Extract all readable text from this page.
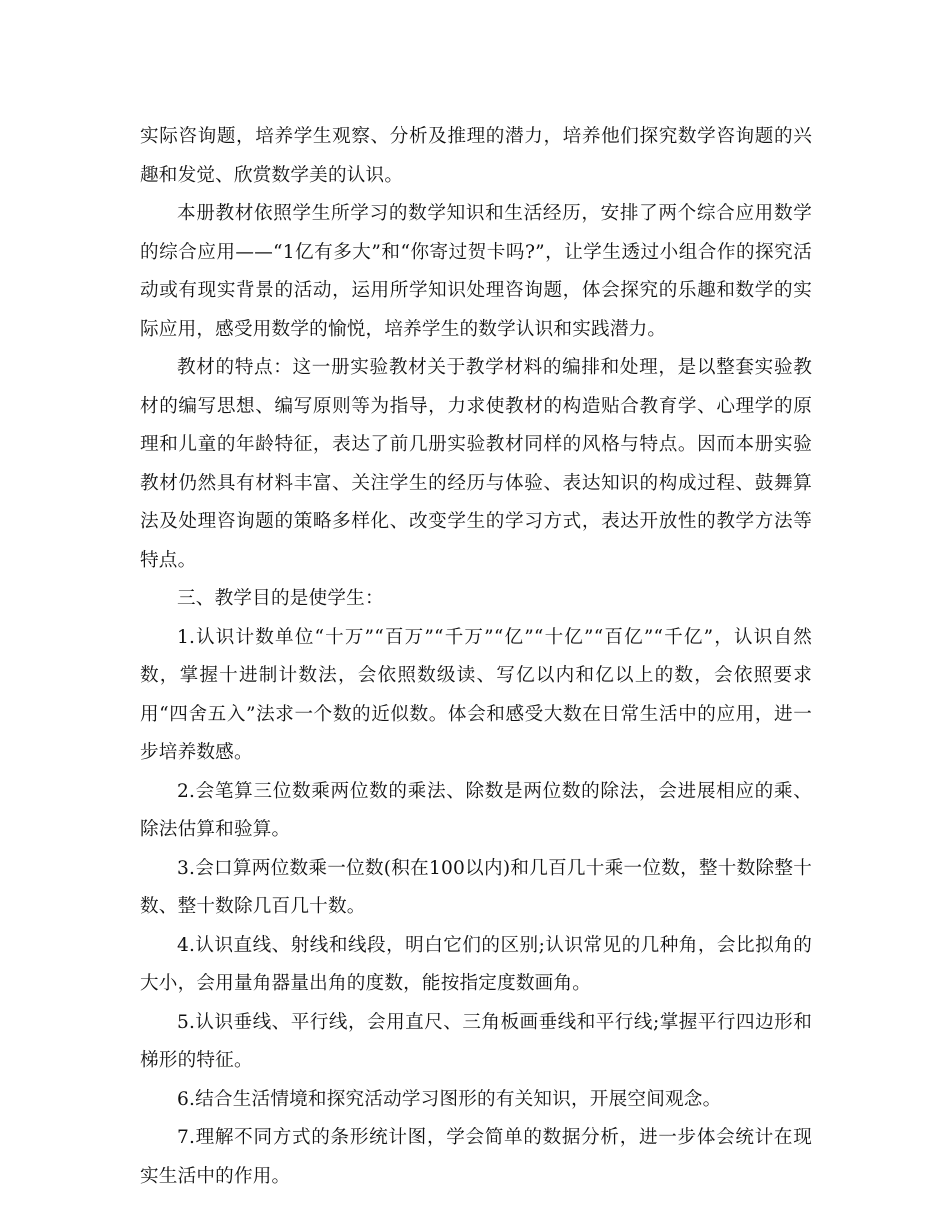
实际咨询题，培养学生观察、分析及推理的潜力，培养他们探究数学咨询题的兴趣和发觉、欣赏数学美的认识。

本册教材依照学生所学习的数学知识和生活经历，安排了两个综合应用数学的综合应用——“1亿有多大”和“你寄过贺卡吗?”，让学生透过小组合作的探究活动或有现实背景的活动，运用所学知识处理咨询题，体会探究的乐趣和数学的实际应用，感受用数学的愉悦，培养学生的数学认识和实践潜力。

教材的特点：这一册实验教材关于教学材料的编排和处理，是以整套实验教材的编写思想、编写原则等为指导，力求使教材的构造贴合教育学、心理学的原理和儿童的年龄特征，表达了前几册实验教材同样的风格与特点。因而本册实验教材仍然具有材料丰富、关注学生的经历与体验、表达知识的构成过程、鼓舞算法及处理咨询题的策略多样化、改变学生的学习方式，表达开放性的教学方法等特点。

三、教学目的是使学生：

1.认识计数单位“十万”“百万”“千万”“亿”“十亿”“百亿”“千亿”，认识自然数，掌握十进制计数法，会依照数级读、写亿以内和亿以上的数，会依照要求用“四舍五入”法求一个数的近似数。体会和感受大数在日常生活中的应用，进一步培养数感。

2.会笔算三位数乘两位数的乘法、除数是两位数的除法，会进展相应的乘、除法估算和验算。

3.会口算两位数乘一位数(积在100以内)和几百几十乘一位数，整十数除整十数、整十数除几百几十数。

4.认识直线、射线和线段，明白它们的区别;认识常见的几种角，会比拟角的大小，会用量角器量出角的度数，能按指定度数画角。

5.认识垂线、平行线，会用直尺、三角板画垂线和平行线;掌握平行四边形和梯形的特征。

6.结合生活情境和探究活动学习图形的有关知识，开展空间观念。

7.理解不同方式的条形统计图，学会简单的数据分析，进一步体会统计在现实生活中的作用。
